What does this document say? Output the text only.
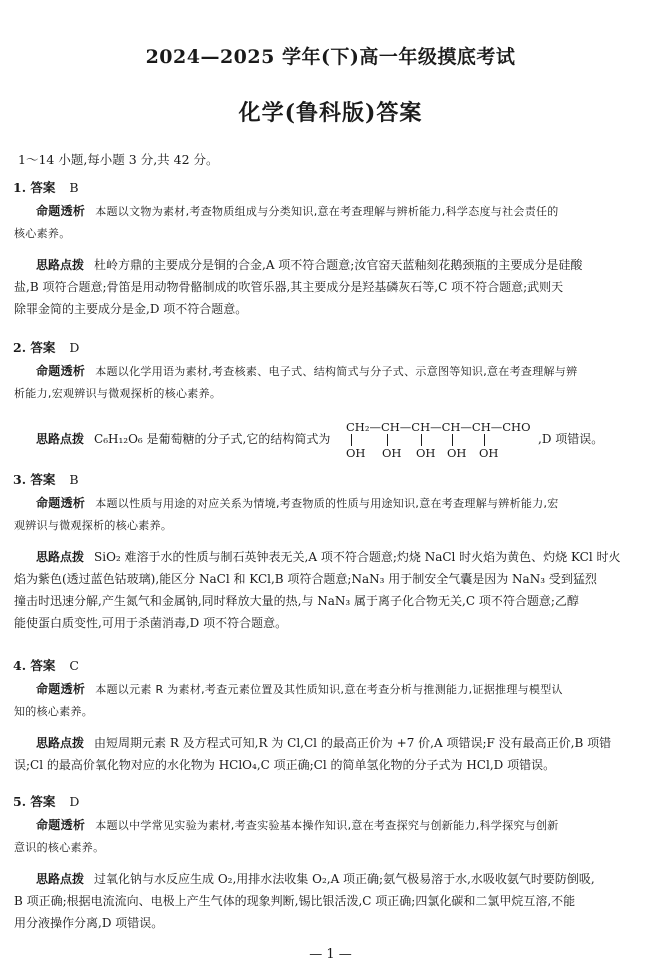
2024—2025 学年(下)高一年级摸底考试
化学(鲁科版)答案
1～14 小题,每小题 3 分,共 42 分。
1. 答案 B
命题透析 本题以文物为素材,考查物质组成与分类知识,意在考查理解与辨析能力,科学态度与社会责任的
核心素养。
思路点拨 杜岭方鼎的主要成分是铜的合金,A 项不符合题意;汝官窑天蓝釉刻花鹅颈瓶的主要成分是硅酸
盐,B 项符合题意;骨笛是用动物骨骼制成的吹管乐器,其主要成分是羟基磷灰石等,C 项不符合题意;武则天
除罪金简的主要成分是金,D 项不符合题意。
2. 答案 D
命题透析 本题以化学用语为素材,考查核素、电子式、结构简式与分子式、示意图等知识,意在考查理解与辨
析能力,宏观辨识与微观探析的核心素养。
思路点拨 C₆H₁₂O₆ 是葡萄糖的分子式,它的结构简式为
CH₂—CH—CH—CH—CH—CHO
OH OH OH OH OH
,D 项错误。
3. 答案 B
命题透析 本题以性质与用途的对应关系为情境,考查物质的性质与用途知识,意在考查理解与辨析能力,宏
观辨识与微观探析的核心素养。
思路点拨 SiO₂ 难溶于水的性质与制石英钟表无关,A 项不符合题意;灼烧 NaCl 时火焰为黄色、灼烧 KCl 时火
焰为紫色(透过蓝色钴玻璃),能区分 NaCl 和 KCl,B 项符合题意;NaN₃ 用于制安全气囊是因为 NaN₃ 受到猛烈
撞击时迅速分解,产生氮气和金属钠,同时释放大量的热,与 NaN₃ 属于离子化合物无关,C 项不符合题意;乙醇
能使蛋白质变性,可用于杀菌消毒,D 项不符合题意。
4. 答案 C
命题透析 本题以元素 R 为素材,考查元素位置及其性质知识,意在考查分析与推测能力,证据推理与模型认
知的核心素养。
思路点拨 由短周期元素 R 及方程式可知,R 为 Cl,Cl 的最高正价为 +7 价,A 项错误;F 没有最高正价,B 项错
误;Cl 的最高价氧化物对应的水化物为 HClO₄,C 项正确;Cl 的简单氢化物的分子式为 HCl,D 项错误。
5. 答案 D
命题透析 本题以中学常见实验为素材,考查实验基本操作知识,意在考查探究与创新能力,科学探究与创新
意识的核心素养。
思路点拨 过氧化钠与水反应生成 O₂,用排水法收集 O₂,A 项正确;氨气极易溶于水,水吸收氨气时要防倒吸,
B 项正确;根据电流流向、电极上产生气体的现象判断,锡比银活泼,C 项正确;四氯化碳和二氯甲烷互溶,不能
用分液操作分离,D 项错误。
— 1 —
